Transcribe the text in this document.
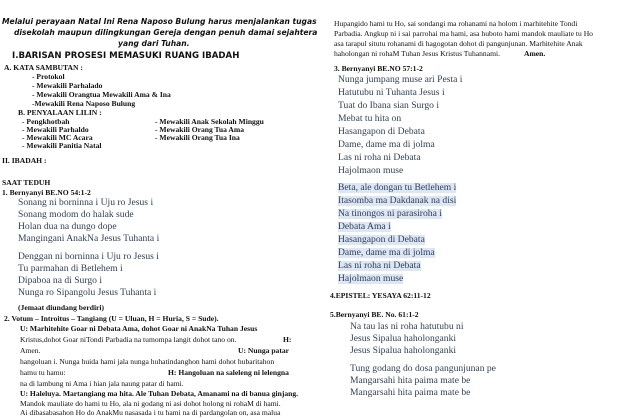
Melalui perayaan Natal Ini Rena Naposo Bulung harus menjalankan tugas
disekolah maupun dilingkungan Gereja dengan penuh damai sejahtera
yang dari Tuhan.
I.BARISAN PROSESI MEMASUKI RUANG IBADAH
A. KATA SAMBUTAN :
- Protokol
- Mewakili Parhalado
- Mewakili Orangtua Mewakili Ama & Ina
-Mewakili Rena Naposo Bulung
B. PENYALAAN LILIN :
- Pengkhotbah
- Mewakili Parhaldo
- Mewakili MC Acara
- Mewakili Panitia Natal
- Mewakili Anak Sekolah Minggu
- Mewakili Orang Tua Ama
- Mewakili Orang Tua Ina
II. IBADAH :
SAAT TEDUH
1. Bernyanyi BE.NO 54:1-2
Sonang ni borninna i Uju ro Jesus i
Sonang modom do halak sude
Holan dua na dungo dope
Mangingani AnakNa Jesus Tuhanta i
Denggan ni borninna i Uju ro Jesus i
Tu parmahan di Betlehem i
Dipaboa na di Surgo i
Nunga ro Sipangolu Jesus Tuhanta i
(Jemaat diundang berdiri)
2. Votum – Introitus – Tangiang (U = Uluan, H = Huria, S = Sude).
U: Marhitehite Goar ni Debata Ama, dohot Goar ni AnakNa Tuhan Jesus
Kristus,dohot Goar niTondi Parbadia na tumompa langit dohot tano on.	H:
Amen.	U: Nunga patar
hangoluan i. Nunga huida hami jala nunga huhatindanghon hami dohot hubaritahon
hamu tu hamu:	H: Hangoluan na saleleng ni lelengna
na di lambung ni Ama i hian jala naung patar di hami.
U: Haleluya. Martangiang ma hita. Ale Tuhan Debata, Amanami na di banua ginjang.
Mandok mauliate do hami tu Ho, ala ni godang ni asi dohot holong ni rohaM di hami.
Ai dibasabasahon Ho do AnakMu nasasada i tu hami na di pardangolan on, asa malua
Hupangido hami tu Ho, sai sondangi ma rohanami na holom i marhitehite Tondi
Parbadia. Angkup ni i sai parrohai ma hami, asa huboto hami mandok mauliate tu Ho
asa tarapul situtu rohanami di hagogotan dohot di pangunjunan. Marhitehite Anak
haholongan ni rohaM Tuhan Jesus Kristus Tuhannami.	Amen.
3. Bernyanyi BE.NO 57:1-2
Nunga jumpang muse ari Pesta i
Hatutubu ni Tuhanta Jesus i
Tuat do Ibana sian Surgo i
Mebat tu hita on
Hasangapon di Debata
Dame, dame ma di jolma
Las ni roha ni Debata
Hajolmaon muse
Beta, ale dongan tu Betlehem i
Itasomba ma Dakdanak na disi
Na tinongos ni parasiroha i
Debata Ama i
Hasangapon di Debata
Dame, dame ma di jolma
Las ni roha ni Debata
Hajolmaon muse
4.EPISTEL: YESAYA 62:11-12
5.Bernyanyi BE. No. 61:1-2
Na tau las ni roha hatutubu ni
Jesus Sipalua haholonganki
Jesus Sipalua haholonganki
Tung godang do dosa pangunjunan pe
Mangarsahi hita paima mate be
Mangarsahi hita paima mate be
